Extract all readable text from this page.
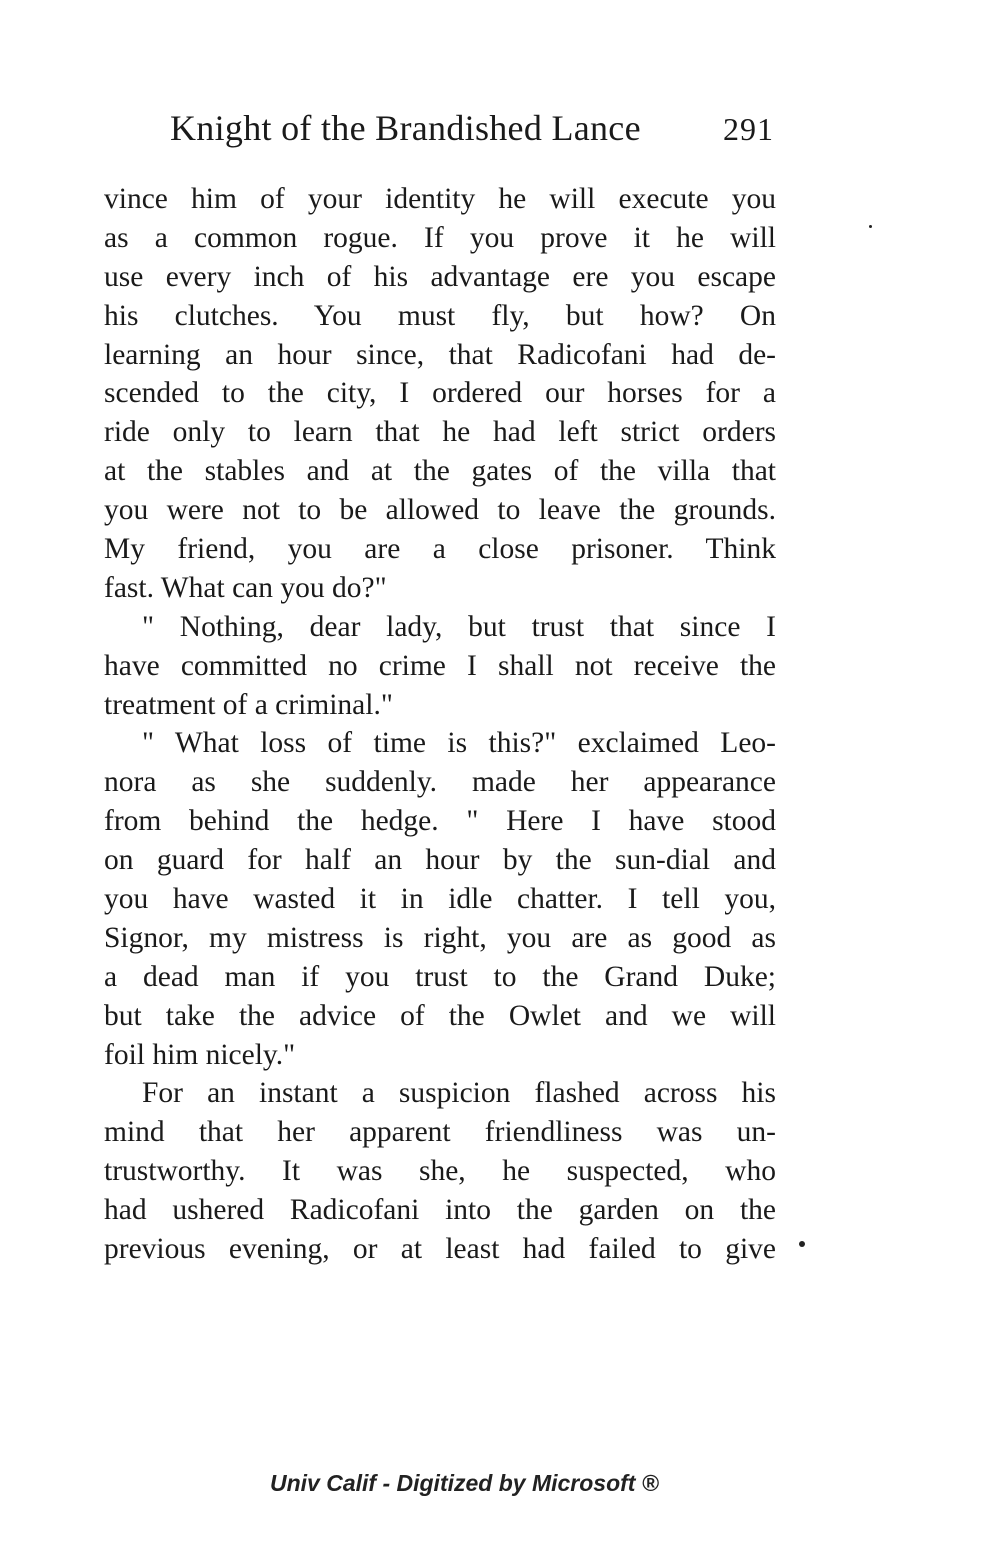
Knight of the Brandished Lance	291
vince him of your identity he will execute you
as a common rogue. If you prove it he will
use every inch of his advantage ere you escape
his clutches. You must fly, but how? On
learning an hour since, that Radicofani had de-
scended to the city, I ordered our horses for a
ride only to learn that he had left strict orders
at the stables and at the gates of the villa that
you were not to be allowed to leave the grounds.
My friend, you are a close prisoner. Think
fast. What can you do?"
" Nothing, dear lady, but trust that since I
have committed no crime I shall not receive the
treatment of a criminal."
" What loss of time is this?" exclaimed Leo-
nora as she suddenly. made her appearance
from behind the hedge. " Here I have stood
on guard for half an hour by the sun-dial and
you have wasted it in idle chatter. I tell you,
Signor, my mistress is right, you are as good as
a dead man if you trust to the Grand Duke;
but take the advice of the Owlet and we will
foil him nicely."
For an instant a suspicion flashed across his
mind that her apparent friendliness was un-
trustworthy. It was she, he suspected, who
had ushered Radicofani into the garden on the
previous evening, or at least had failed to give
Univ Calif - Digitized by Microsoft ®
